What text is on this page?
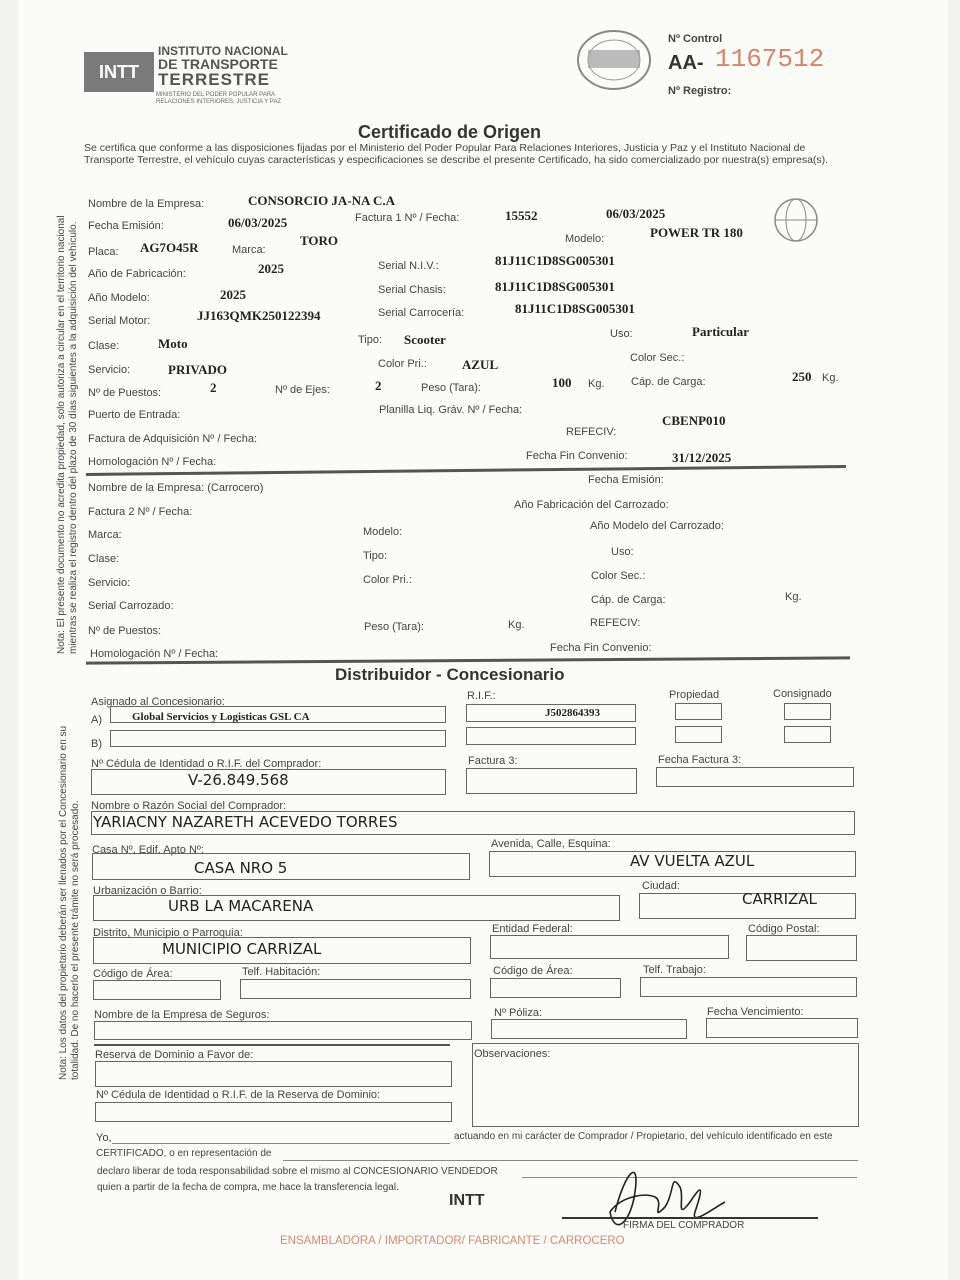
INTT
INSTITUTO NACIONAL
DE TRANSPORTE
TERRESTRE
MINISTERIO DEL PODER POPULAR PARA
RELACIONES INTERIORES, JUSTICIA Y PAZ
Nº Control
AA- 1167512
Nº Registro:
Certificado de Origen
Se certifica que conforme a las disposiciones fijadas por el Ministerio del Poder Popular Para Relaciones Interiores, Justicia y Paz y el Instituto Nacional de Transporte Terrestre, el vehículo cuyas características y especificaciones se describe el presente Certificado, ha sido comercializado por nuestra(s) empresa(s).
Nota: El presente documento no acredita propiedad, solo autoriza a circular en el territorio nacional mientras se realiza el registro dentro del plazo de 30 días siguientes a la adquisición del vehículo.
Nota: Los datos del propietario deberán ser llenados por el Concesionario en su totalidad. De no hacerlo el presente trámite no será procesado.
Nombre de la Empresa:	CONSORCIO JA-NA C.A
Fecha Emisión:	06/03/2025	Factura 1 Nº / Fecha:	15552	06/03/2025
Placa: AG7O45R	Marca:
TORO	Modelo:	POWER TR 180
Año de Fabricación:	2025	Serial N.I.V.:	81J11C1D8SG005301
Año Modelo:	2025	Serial Chasis:	81J11C1D8SG005301
Serial Motor:	JJ163QMK250122394	Serial Carrocería:	81J11C1D8SG005301
Clase:	Moto	Tipo: Scooter	Uso:	Particular
Servicio:	PRIVADO	Color Pri.:	AZUL	Color Sec.:
Nº de Puestos:	2	Nº de Ejes:	2	Peso (Tara):	100 Kg. Cáp. de Carga:	250 Kg.
Puerto de Entrada:	Planilla Liq. Gráv. Nº / Fecha:
Factura de Adquisición Nº / Fecha:
REFECIV:
CBENP010
Homologación Nº / Fecha:	Fecha Fin Convenio:	31/12/2025
Nombre de la Empresa: (Carrocero)
Fecha Emisión:
Factura 2 Nº / Fecha:
Año Fabricación del Carrozado:
Marca:	Modelo:	Año Modelo del Carrozado:
Clase:	Tipo:	Uso:
Servicio:	Color Pri.:	Color Sec.:
Serial Carrozado:	Cáp. de Carga:	Kg.
Nº de Puestos:	Peso (Tara):	Kg.	REFECIV:
Homologación Nº / Fecha:	Fecha Fin Convenio:
Distribuidor - Concesionario
Asignado al Concesionario:	R.I.F.:	Propiedad	Consignado
A)	Global Servicios y Logisticas GSL CA	J502864393
B)
Nº Cédula de Identidad o R.I.F. del Comprador:
V-26.849.568
Factura 3:	Fecha Factura 3:
Nombre o Razón Social del Comprador:
YARIACNY NAZARETH ACEVEDO TORRES
Casa Nº, Edif. Apto Nº:
CASA NRO 5
Avenida, Calle, Esquina:
AV VUELTA AZUL
Urbanización o Barrio:
URB LA MACARENA
Ciudad:
CARRIZAL
Distrito, Municipio o Parroquia:
MUNICIPIO CARRIZAL
Entidad Federal:	Código Postal:
Código de Área:	Telf. Habitación:	Código de Área:	Telf. Trabajo:
Nombre de la Empresa de Seguros:	Nº Póliza:	Fecha Vencimiento:
Reserva de Dominio a Favor de:	Observaciones:
Nº Cédula de Identidad o R.I.F. de la Reserva de Dominio:
Yo,	actuando en mi carácter de Comprador / Propietario, del vehículo identificado en este
CERTIFICADO, o en representación de
declaro liberar de toda responsabilidad sobre el mismo al CONCESIONARIO VENDEDOR
quien a partir de la fecha de compra, me hace la transferencia legal.
INTT
FIRMA DEL COMPRADOR
ENSAMBLADORA / IMPORTADOR/ FABRICANTE / CARROCERO
